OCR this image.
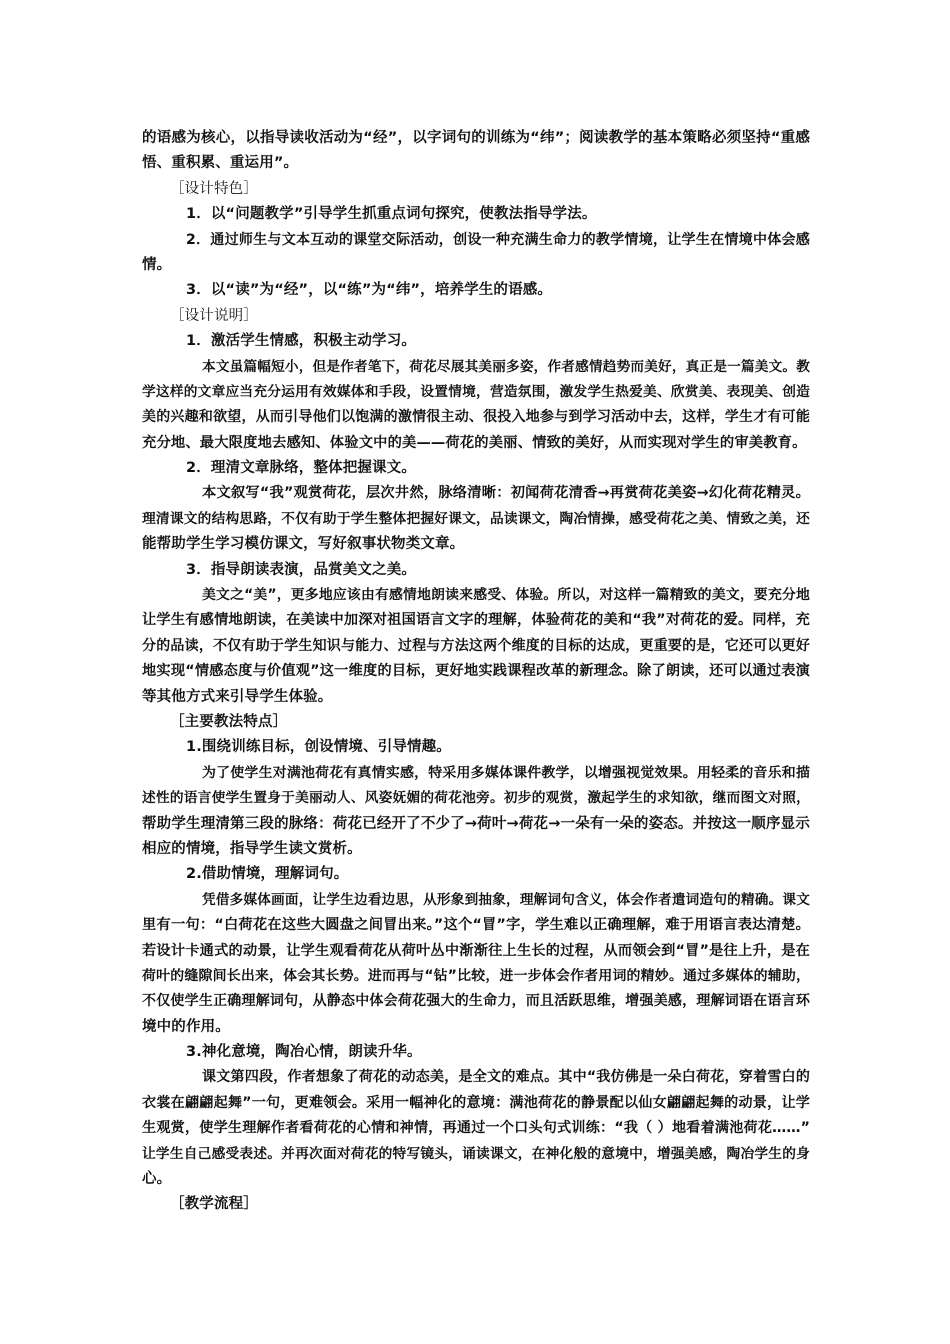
的语感为核心，以指导读收活动为“经”，以字词句的训练为“纬”；阅读教学的基本策略必须坚持“重感
悟、重积累、重运用”。
［设计特色］
1．以“问题教学”引导学生抓重点词句探究，使教法指导学法。
2．通过师生与文本互动的课堂交际活动，创设一种充满生命力的教学情境，让学生在情境中体会感
情。
3．以“读”为“经”，以“练”为“纬”，培养学生的语感。
［设计说明］
1．激活学生情感，积极主动学习。
本文虽篇幅短小，但是作者笔下，荷花尽展其美丽多姿，作者感情趋势而美好，真正是一篇美文。教
学这样的文章应当充分运用有效媒体和手段，设置情境，营造氛围，激发学生热爱美、欣赏美、表现美、创造
美的兴趣和欲望，从而引导他们以饱满的激情很主动、很投入地参与到学习活动中去，这样，学生才有可能
充分地、最大限度地去感知、体验文中的美——荷花的美丽、情致的美好，从而实现对学生的审美教育。
2．理清文章脉络，整体把握课文。
本文叙写“我”观赏荷花，层次井然，脉络清晰：初闻荷花清香→再赏荷花美姿→幻化荷花精灵。
理清课文的结构思路，不仅有助于学生整体把握好课文，品读课文，陶冶情操，感受荷花之美、情致之美，还
能帮助学生学习模仿课文，写好叙事状物类文章。
3．指导朗读表演，品赏美文之美。
美文之“美”，更多地应该由有感情地朗读来感受、体验。所以，对这样一篇精致的美文，要充分地
让学生有感情地朗读，在美读中加深对祖国语言文字的理解，体验荷花的美和“我”对荷花的爱。同样，充
分的品读，不仅有助于学生知识与能力、过程与方法这两个维度的目标的达成，更重要的是，它还可以更好
地实现“情感态度与价值观”这一维度的目标，更好地实践课程改革的新理念。除了朗读，还可以通过表演
等其他方式来引导学生体验。
［主要教法特点］
1.围绕训练目标，创设情境、引导情趣。
为了使学生对满池荷花有真情实感，特采用多媒体课件教学，以增强视觉效果。用轻柔的音乐和描
述性的语言使学生置身于美丽动人、风姿妩媚的荷花池旁。初步的观赏，激起学生的求知欲，继而图文对照，
帮助学生理清第三段的脉络：荷花已经开了不少了→荷叶→荷花→一朵有一朵的姿态。并按这一顺序显示
相应的情境，指导学生读文赏析。
2.借助情境，理解词句。
凭借多媒体画面，让学生边看边思，从形象到抽象，理解词句含义，体会作者遣词造句的精确。课文
里有一句：“白荷花在这些大圆盘之间冒出来。”这个“冒”字，学生难以正确理解，难于用语言表达清楚。
若设计卡通式的动景，让学生观看荷花从荷叶丛中渐渐往上生长的过程，从而领会到“冒”是往上升，是在
荷叶的缝隙间长出来，体会其长势。进而再与“钻”比较，进一步体会作者用词的精妙。通过多媒体的辅助，
不仅使学生正确理解词句，从静态中体会荷花强大的生命力，而且活跃思维，增强美感，理解词语在语言环
境中的作用。
3.神化意境，陶冶心情，朗读升华。
课文第四段，作者想象了荷花的动态美，是全文的难点。其中“我仿佛是一朵白荷花，穿着雪白的
衣裳在翩翩起舞”一句，更难领会。采用一幅神化的意境：满池荷花的静景配以仙女翩翩起舞的动景，让学
生观赏，使学生理解作者看荷花的心情和神情，再通过一个口头句式训练：“我（ ）地看着满池荷花……”
让学生自己感受表述。并再次面对荷花的特写镜头，诵读课文，在神化般的意境中，增强美感，陶冶学生的身
心。
［教学流程］
